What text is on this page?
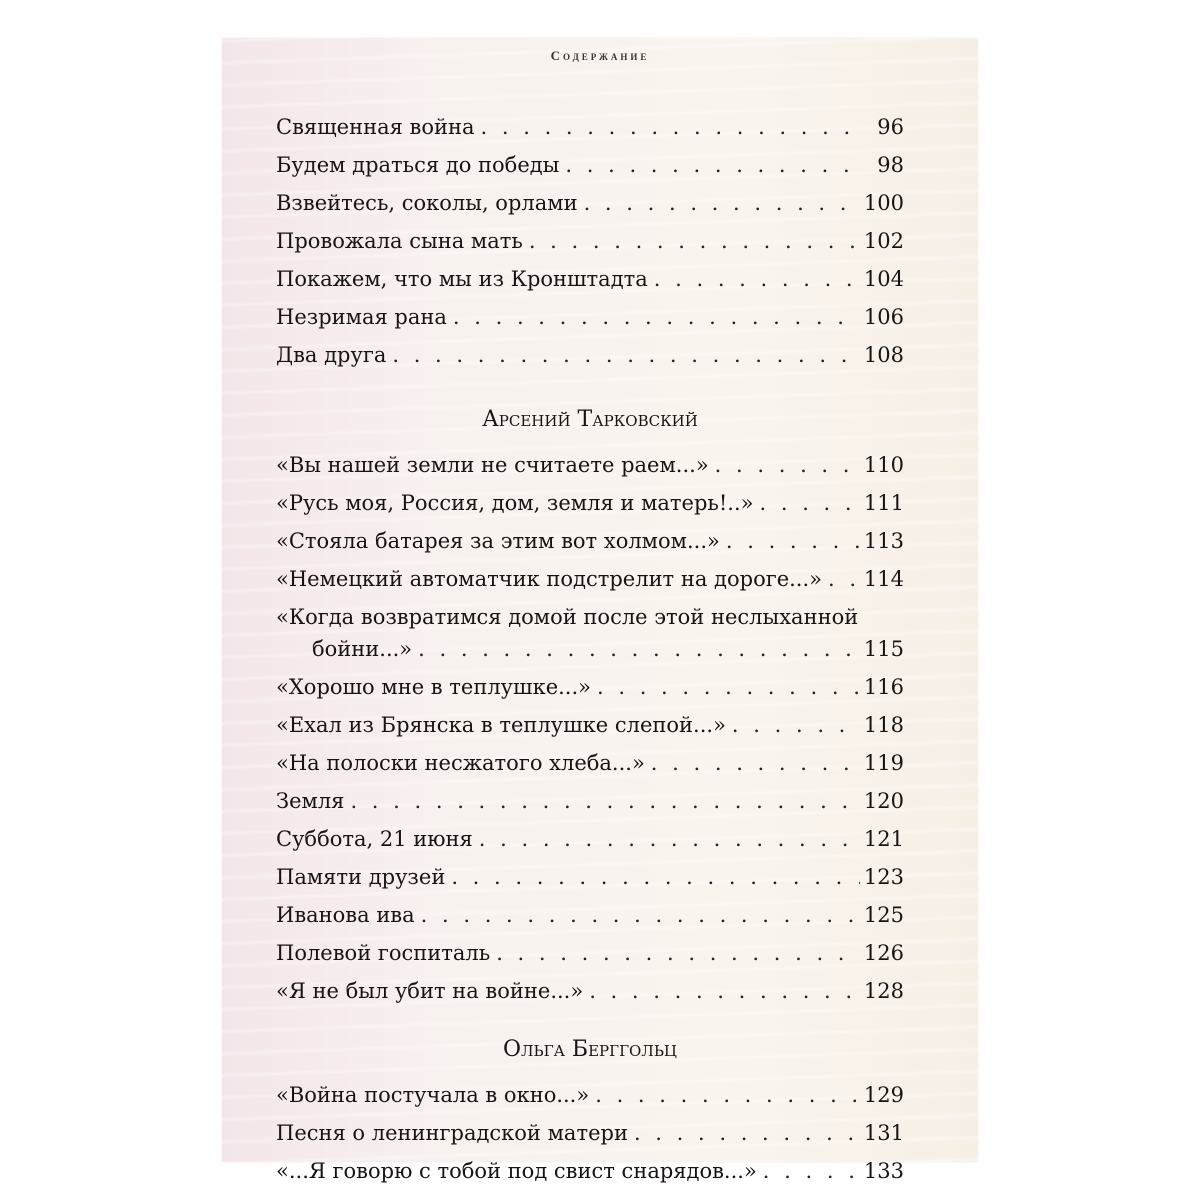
Содержание
Священная война . . .	96
Будем драться до победы . . .	98
Взвейтесь, соколы, орлами . . .	100
Провожала сына мать . . .	102
Покажем, что мы из Кронштадта . . .	104
Незримая рана . . .	106
Два друга . . .	108
Арсений Тарковский
«Вы нашей земли не считаете раем...» . . .	110
«Русь моя, Россия, дом, земля и матерь!..» . . .	111
«Стояла батарея за этим вот холмом...» . . .	113
«Немецкий автоматчик подстрелит на дороге...» . . . 114
«Когда возвратимся домой после этой неслыханной
бойни...» . . .	115
«Хорошо мне в теплушке...» . . .	116
«Ехал из Брянска в теплушке слепой...» . . .	118
«На полоски несжатого хлеба...» . . .	119
Земля . . .	120
Суббота, 21 июня . . .	121
Памяти друзей . . .	123
Иванова ива . . .	125
Полевой госпиталь . . .	126
«Я не был убит на войне...» . . .	128
Ольга Берггольц
«Война постучала в окно...» . . .	129
Песня о ленинградской матери . . .	131
«...Я говорю с тобой под свист снарядов...» . . .	133
